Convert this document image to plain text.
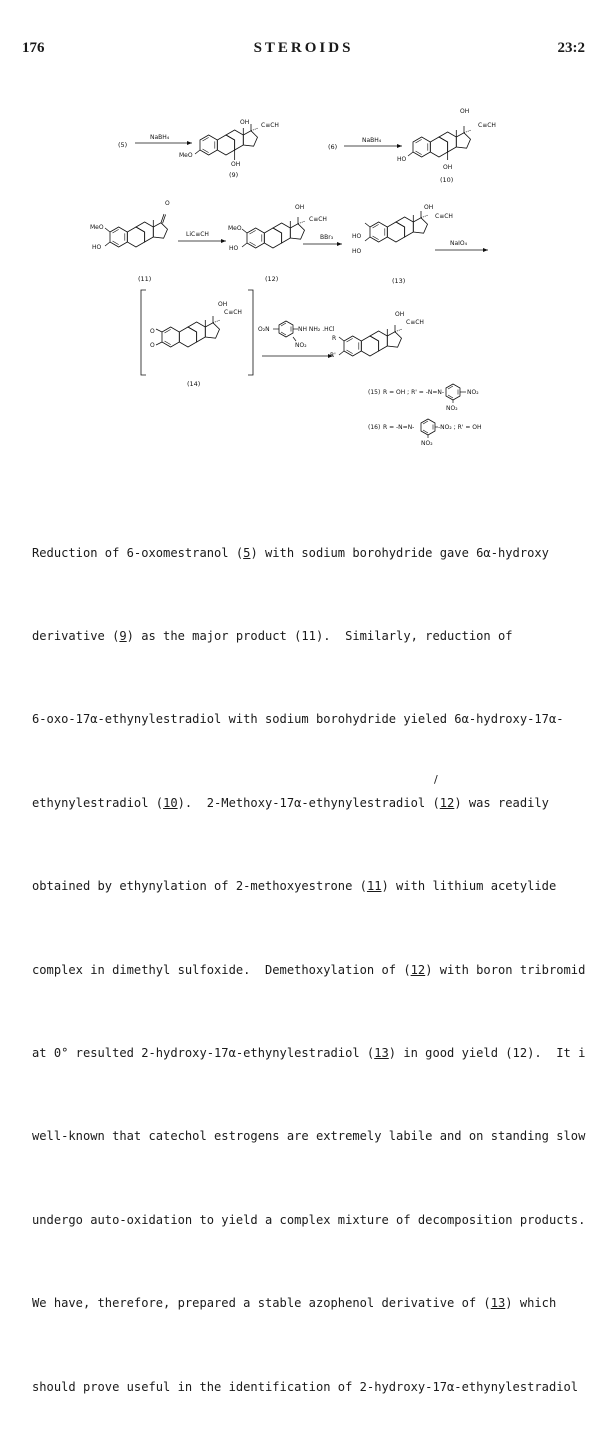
176	STEROIDS	23:2
(5)
NaBH₄
OH C≡CH
MeO
OH
(9)
(6)
NaBH₄
OH
C≡CH
HO
OH
(10)
O
MeO
HO
(11)
LiC≡CH
OH
C≡CH
MeO
HO
(12)
BBr₃
OH
C≡CH
HO
HO
(13)
NaIO₄
OH
C≡CH
O
O
(14)
O₂N	NH NH₂ .HCl
NO₂
OH
C≡CH
R
R'
(15) R = OH ; R' = -N=N-	NO₂
NO₂
(16) R = -N=N-	-NO₂ ; R' = OH
NO₂

Reduction of 6-oxomestranol (5) with sodium borohydride gave 6α-hydroxy

derivative (9) as the major product (11).  Similarly, reduction of

6-oxo-17α-ethynylestradiol with sodium borohydride yieled 6α-hydroxy-17α-

ethynylestradiol (10).  2-Methoxy-17α-ethynylestradiol (12) was readily

obtained by ethynylation of 2-methoxyestrone (11) with lithium acetylide

complex in dimethyl sulfoxide.  Demethoxylation of (12) with boron tribromid

at 0° resulted 2-hydroxy-17α-ethynylestradiol (13) in good yield (12).  It i

well-known that catechol estrogens are extremely labile and on standing slow

undergo auto-oxidation to yield a complex mixture of decomposition products.

We have, therefore, prepared a stable azophenol derivative of (13) which

should prove useful in the identification of 2-hydroxy-17α-ethynylestradiol

/
